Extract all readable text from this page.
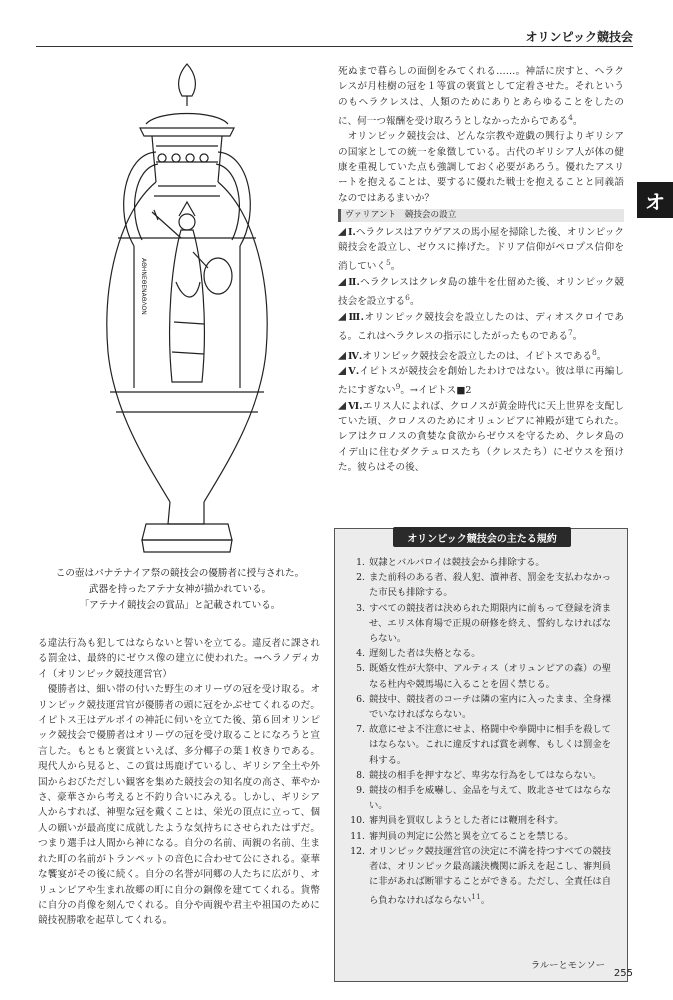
オリンピック競技会
オ
ΑΘΗΝΕΘΕΝΑΘΛΟΝ
この壺はパナテナイア祭の競技会の優勝者に授与された。
武器を持ったアテナ女神が描かれている。
「アテナイ競技会の賞品」と記載されている。

死ぬまで暮らしの面倒をみてくれる……。神話に戻すと、ヘラクレスが月桂樹の冠を１等賞の褒賞として定着させた。それというのもヘラクレスは、人類のためにありとあらゆることをしたのに、何一つ報酬を受け取ろうとしなかったからである$^4$。

オリンピック競技会は、どんな宗教や遊戯の興行よりギリシアの国家としての統一を象徴している。古代のギリシア人が体の健康を重視していた点も強調しておく必要があろう。優れたアスリートを抱えることは、要するに優れた戦士を抱えることと同義語なのではあるまいか？

ヴァリアント　競技会の設立

Ⅰ.ヘラクレスはアウゲアスの馬小屋を掃除した後、オリンピック競技会を設立し、ゼウスに捧げた。ドリア信仰がペロプス信仰を消していく$^5$。

Ⅱ.ヘラクレスはクレタ島の雄牛を仕留めた後、オリンピック競技会を設立する$^6$。

Ⅲ.オリンピック競技会を設立したのは、ディオスクロイである。これはヘラクレスの指示にしたがったものである$^7$。

Ⅳ.オリンピック競技会を設立したのは、イピトスである$^8$。

Ⅴ.イピトスが競技会を創始したわけではない。彼は単に再編したにすぎない$^9$。→イピトス■2

Ⅵ.エリス人によれば、クロノスが黄金時代に天上世界を支配していた頃、クロノスのためにオリュンピアに神殿が建てられた。レアはクロノスの貪婪な食欲からゼウスを守るため、クレタ島のイデ山に住むダクテュロスたち（クレスたち）にゼウスを預けた。彼らはその後、

る違法行為も犯してはならないと誓いを立てる。違反者に課される罰金は、最終的にゼウス像の建立に使われた。→ヘラノディカイ（オリンピック競技運営官）

優勝者は、細い帯の付いた野生のオリーヴの冠を受け取る。オリンピック競技運営官が優勝者の頭に冠をかぶせてくれるのだ。イピトス王はデルポイの神託に伺いを立てた後、第６回オリンピック競技会で優勝者はオリーヴの冠を受け取ることになろうと宣言した。もともと褒賞といえば、多分椰子の葉１枚きりである。現代人から見ると、この賞は馬鹿げているし、ギリシア全土や外国からおびただしい観客を集めた競技会の知名度の高さ、華やかさ、豪華さから考えると不釣り合いにみえる。しかし、ギリシア人からすれば、神聖な冠を戴くことは、栄光の頂点に立って、個人の願いが最高度に成就したような気持ちにさせられたはずだ。つまり選手は人間から神になる。自分の名前、両親の名前、生まれた町の名前がトランペットの音色に合わせて公にされる。豪華な饗宴がその後に続く。自分の名誉が同郷の人たちに広がり、オリュンピアや生まれ故郷の町に自分の銅像を建ててくれる。貨幣に自分の肖像を刻んでくれる。自分や両親や君主や祖国のために競技祝勝歌を起草してくれる。

オリンピック競技会の主たる規約
1. 奴隷とバルバロイは競技会から排除する。
2. また前科のある者、殺人犯、瀆神者、罰金を支払わなかった市民も排除する。
3. すべての競技者は決められた期限内に前もって登録を済ませ、エリス体育場で正規の研修を終え、誓約しなければならない。
4. 遅刻した者は失格となる。
5. 既婚女性が大祭中、アルティス（オリュンピアの森）の聖なる杜内や競馬場に入ることを固く禁じる。
6. 競技中、競技者のコーチは隣の室内に入ったまま、全身裸でいなければならない。
7. 故意にせよ不注意にせよ、格闘中や拳闘中に相手を殺してはならない。これに違反すれば賞を剥奪、もしくは罰金を科する。
8. 競技の相手を押すなど、卑劣な行為をしてはならない。
9. 競技の相手を威嚇し、金品を与えて、敗北させてはならない。
10. 審判員を買収しようとした者には鞭刑を科す。
11. 審判員の判定に公然と異を立てることを禁じる。
12. オリンピック競技運営官の決定に不満を持つすべての競技者は、オリンピック最高議決機関に訴えを起こし、審判員に非があれば断罪することができる。ただし、全責任は自ら負わなければならない$^{11}$。
ラルーとモンソー
255
